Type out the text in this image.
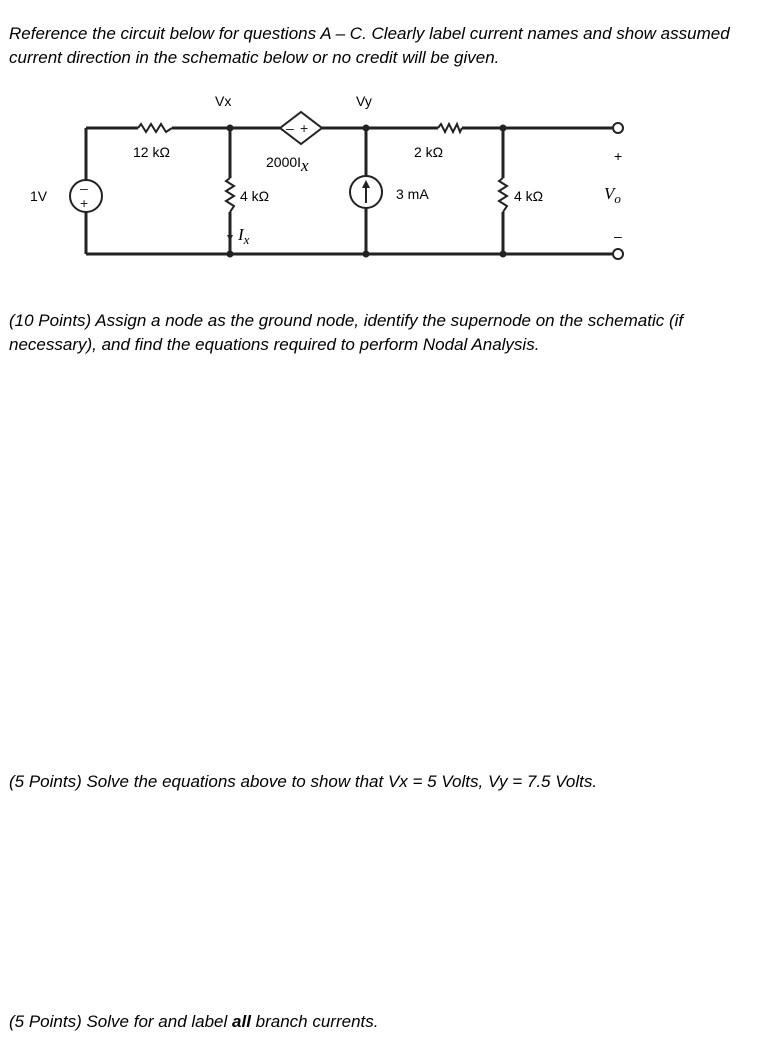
Reference the circuit below for questions A – C. Clearly label current names and show assumed current direction in the schematic below or no credit will be given.

–
+
– +
Vx	Vy
12 kΩ	2 kΩ
4 kΩ	4 kΩ
1V
2000Ix
3 mA
$I_x$
$V_o$
+
–

(10 Points) Assign a node as the ground node, identify the supernode on the schematic (if necessary), and find the equations required to perform Nodal Analysis.

(5 Points) Solve the equations above to show that Vx = 5 Volts, Vy = 7.5 Volts.

(5 Points) Solve for and label all branch currents.
